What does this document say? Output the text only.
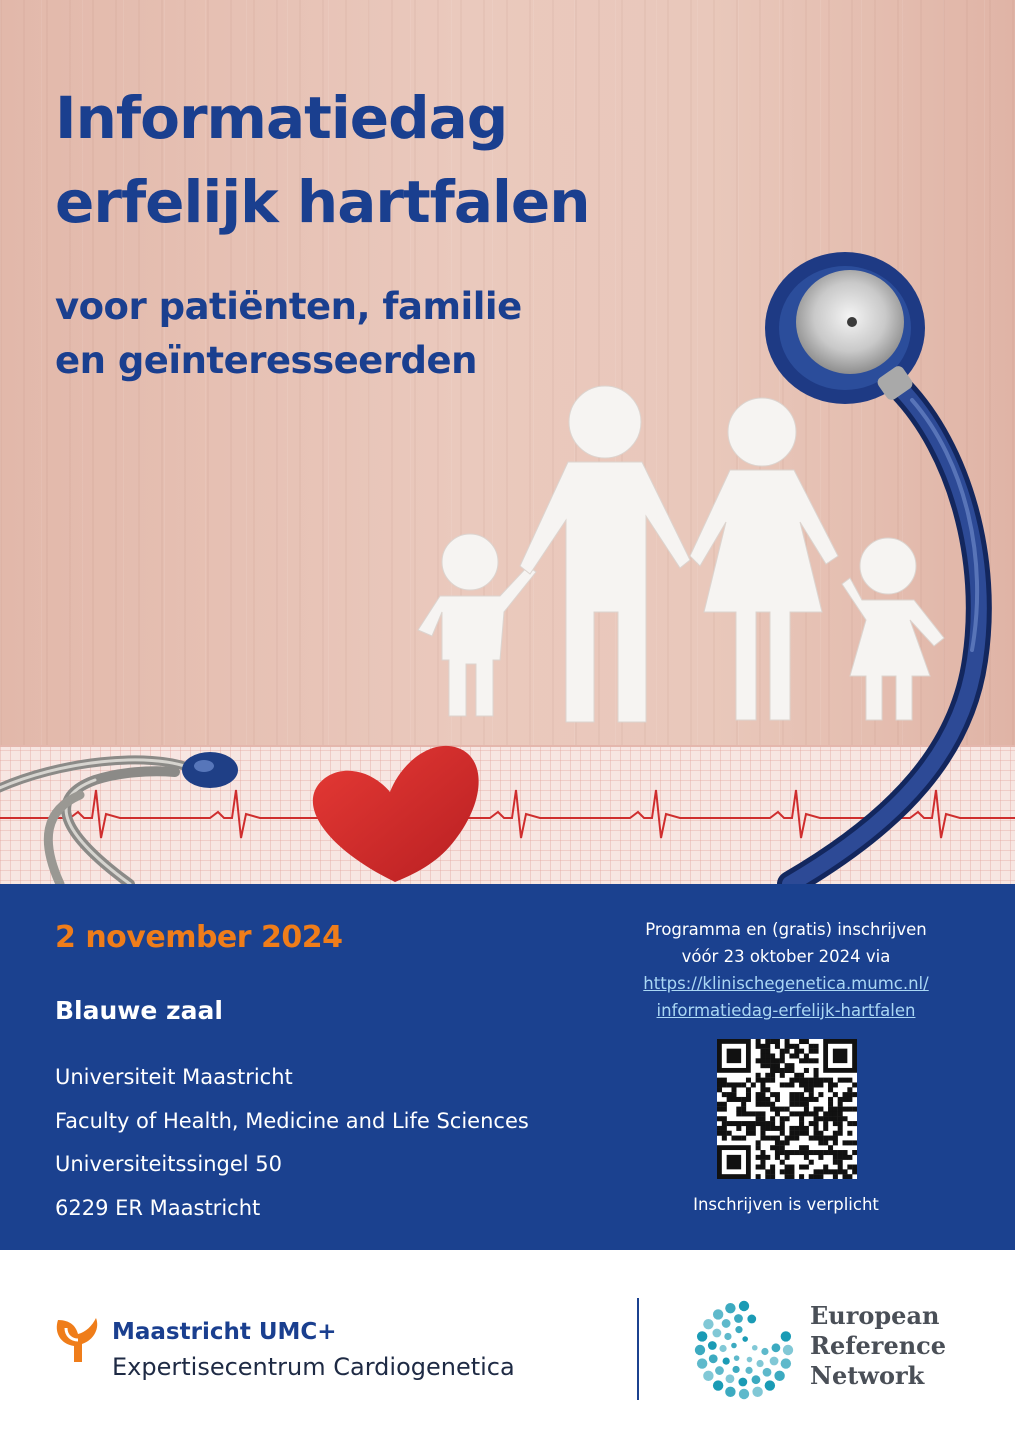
Informatiedag
erfelijk hartfalen
voor patiënten, familie
en geïnteresseerden

2 november 2024

Blauwe zaal

Universiteit Maastricht
Faculty of Health, Medicine and Life Sciences
Universiteitssingel 50
6229 ER Maastricht

Programma en (gratis) inschrijven

vóór 23 oktober 2024 via

https://klinischegenetica.mumc.nl/
informatiedag-erfelijk-hartfalen

Inschrijven is verplicht

Maastricht UMC+

Expertisecentrum Cardiogenetica

European
Reference
Network
